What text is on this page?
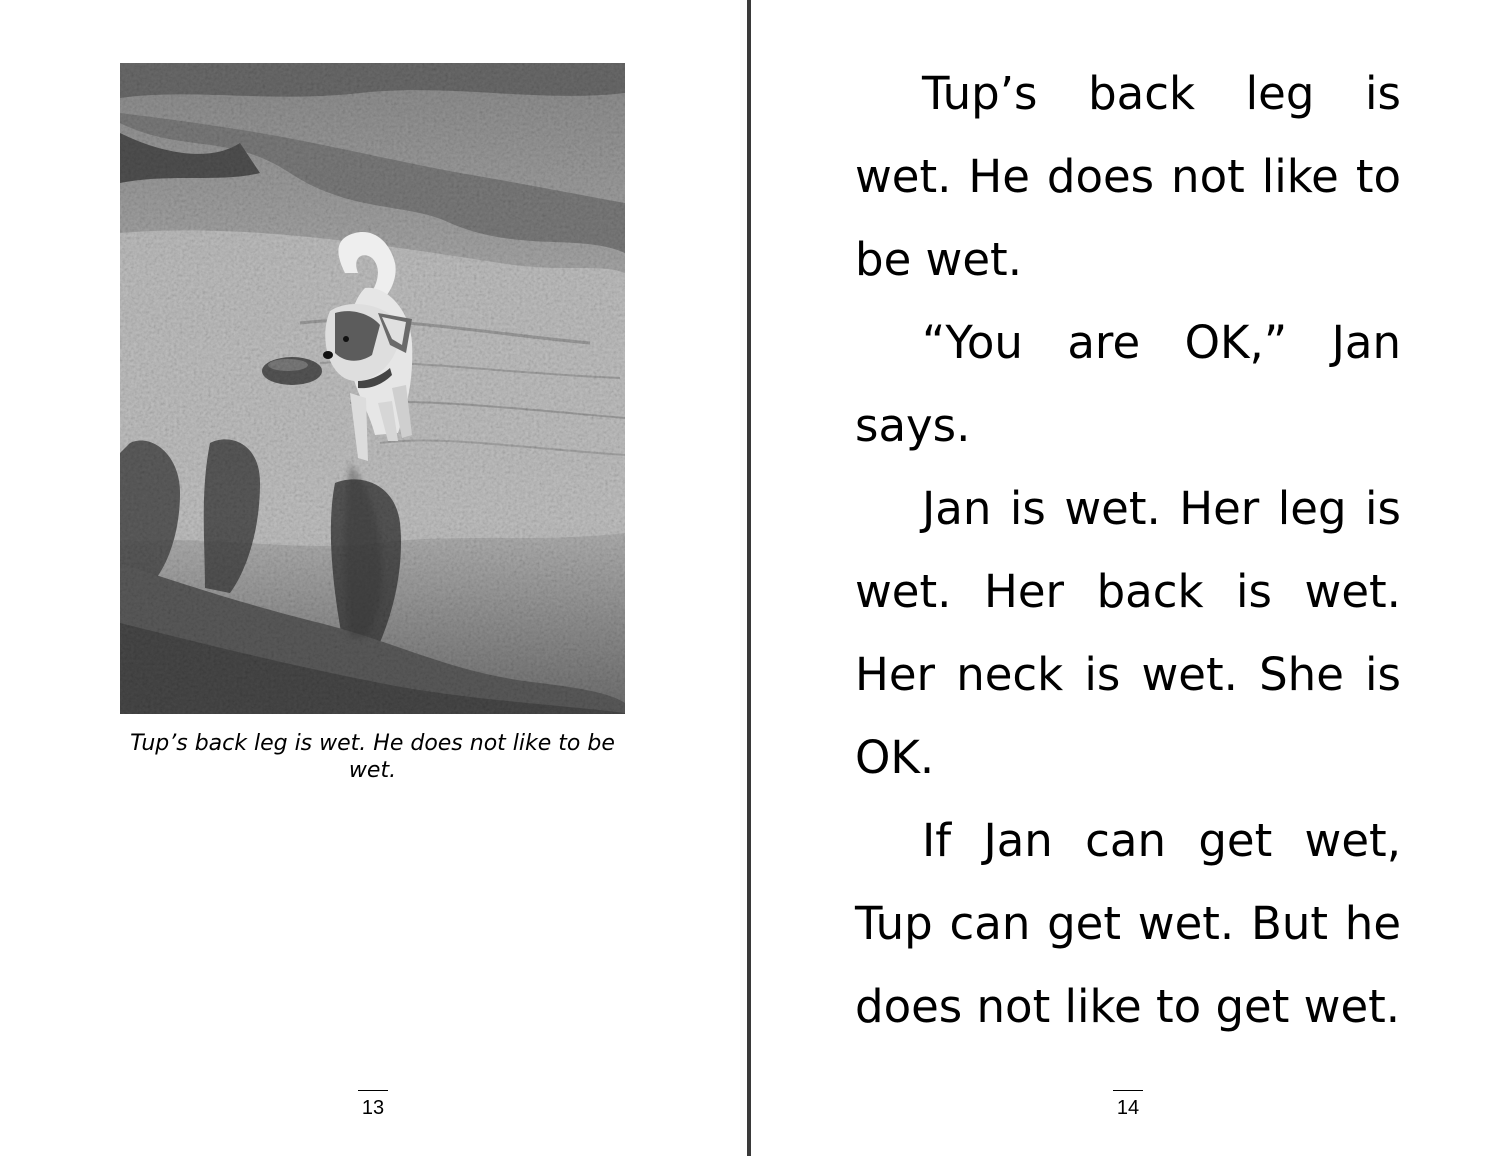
Tup’s back leg is wet. He does not like to be wet.
13

Tup’s back leg is wet. He does not like to be wet.

“You are OK,” Jan says.

Jan is wet. Her leg is wet. Her back is wet. Her neck is wet. She is OK.

If Jan can get wet, Tup can get wet. But he does not like to get wet.

14
